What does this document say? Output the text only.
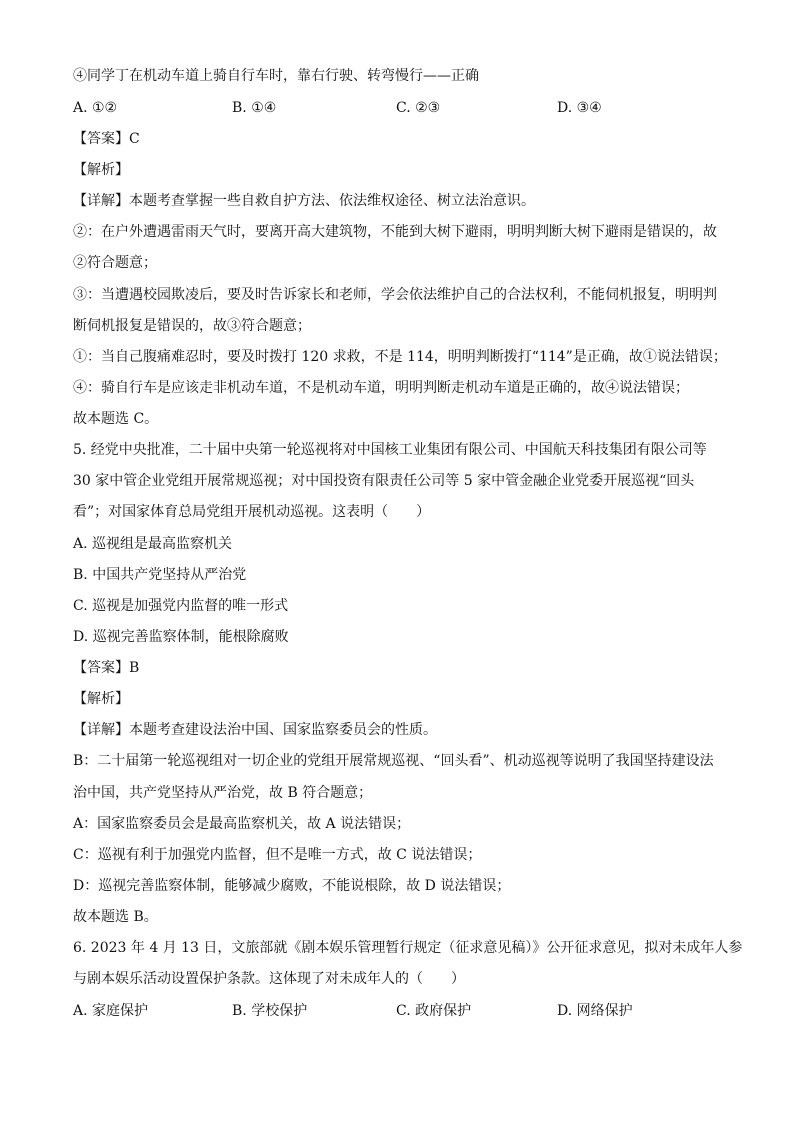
④同学丁在机动车道上骑自行车时，靠右行驶、转弯慢行——正确
A. ①②	B. ①④	C. ②③	D. ③④
【答案】C
【解析】
【详解】本题考查掌握一些自救自护方法、依法维权途径、树立法治意识。
②：在户外遭遇雷雨天气时，要离开高大建筑物，不能到大树下避雨，明明判断大树下避雨是错误的，故
②符合题意；
③：当遭遇校园欺凌后，要及时告诉家长和老师，学会依法维护自己的合法权利，不能伺机报复，明明判
断伺机报复是错误的，故③符合题意；
①：当自己腹痛难忍时，要及时拨打 120 求救，不是 114，明明判断拨打“114”是正确，故①说法错误；
④：骑自行车是应该走非机动车道，不是机动车道，明明判断走机动车道是正确的，故④说法错误；
故本题选 C。
5. 经党中央批准，二十届中央第一轮巡视将对中国核工业集团有限公司、中国航天科技集团有限公司等
30 家中管企业党组开展常规巡视；对中国投资有限责任公司等 5 家中管金融企业党委开展巡视“回头
看”；对国家体育总局党组开展机动巡视。这表明（　　）
A. 巡视组是最高监察机关
B. 中国共产党坚持从严治党
C. 巡视是加强党内监督的唯一形式
D. 巡视完善监察体制，能根除腐败
【答案】B
【解析】
【详解】本题考查建设法治中国、国家监察委员会的性质。
B：二十届第一轮巡视组对一切企业的党组开展常规巡视、“回头看”、机动巡视等说明了我国坚持建设法
治中国，共产党坚持从严治党，故 B 符合题意；
A：国家监察委员会是最高监察机关，故 A 说法错误；
C：巡视有利于加强党内监督，但不是唯一方式，故 C 说法错误；
D：巡视完善监察体制，能够减少腐败，不能说根除，故 D 说法错误；
故本题选 B。
6. 2023 年 4 月 13 日，文旅部就《剧本娱乐管理暂行规定（征求意见稿）》公开征求意见，拟对未成年人参
与剧本娱乐活动设置保护条款。这体现了对未成年人的（　　）
A. 家庭保护	B. 学校保护	C. 政府保护	D. 网络保护
